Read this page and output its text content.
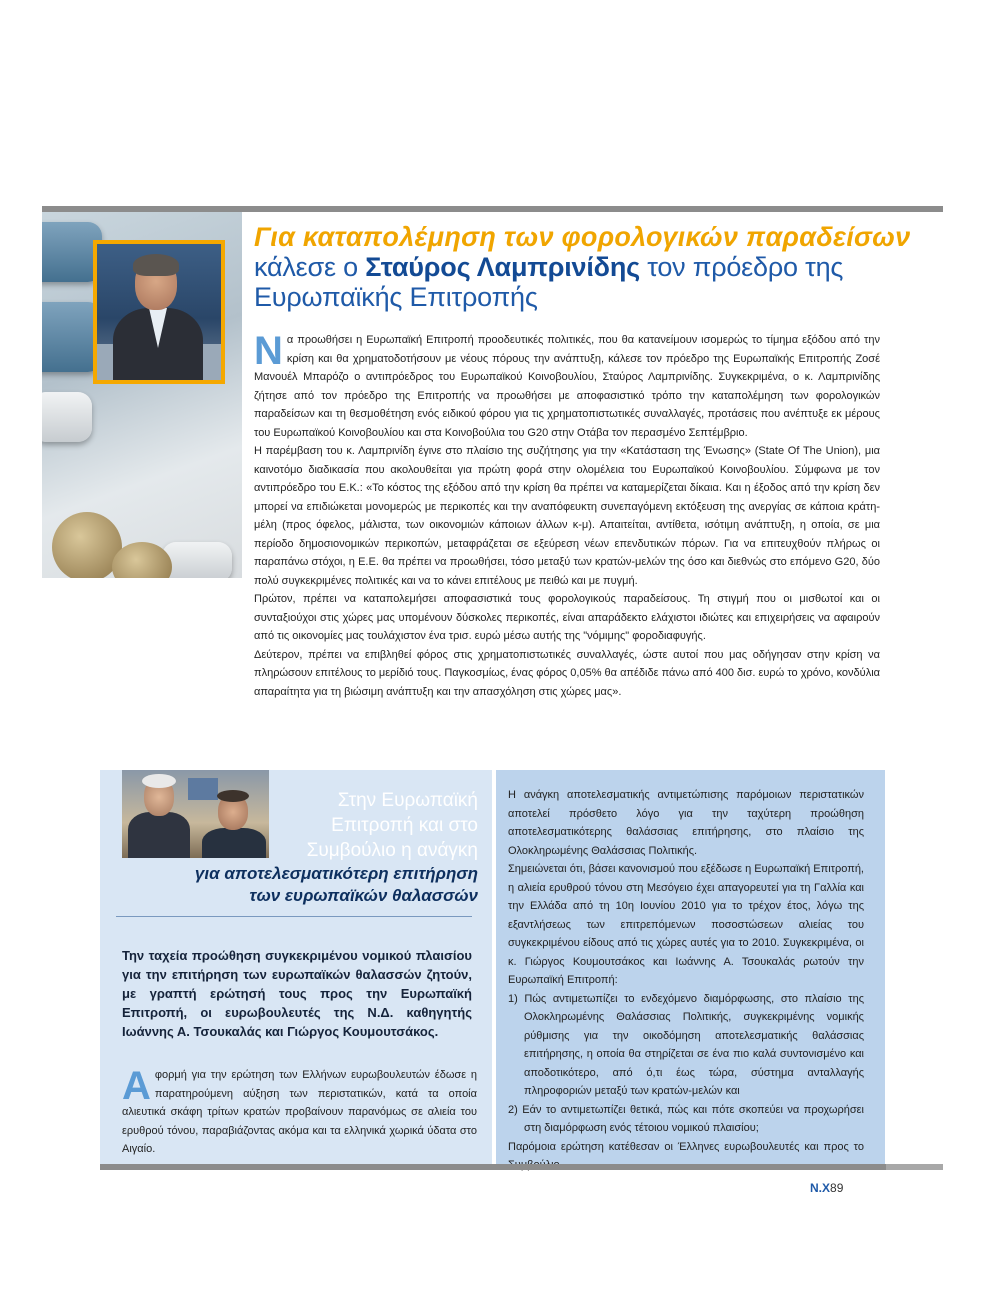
Για καταπολέμηση των φορολογικών παραδείσων κάλεσε ο Σταύρος Λαμπρινίδης τον πρόεδρο της Ευρωπαϊκής Επιτροπής

Να προωθήσει η Ευρωπαϊκή Επιτροπή προοδευτικές πολιτικές, που θα κατανείμουν ισομερώς το τίμημα εξόδου από την κρίση και θα χρηματοδοτήσουν με νέους πόρους την ανάπτυξη, κάλεσε τον πρόεδρο της Ευρωπαϊκής Επιτροπής Ζοσέ Μανουέλ Μπαρόζο ο αντιπρόεδρος του Ευρωπαϊκού Κοινοβουλίου, Σταύρος Λαμπρινίδης. Συγκεκριμένα, ο κ. Λαμπρινίδης ζήτησε από τον πρόεδρο της Επιτροπής να προωθήσει με αποφασιστικό τρόπο την καταπολέμηση των φορολογικών παραδείσων και τη θεσμοθέτηση ενός ειδικού φόρου για τις χρηματοπιστωτικές συναλλαγές, προτάσεις που ανέπτυξε εκ μέρους του Ευρωπαϊκού Κοινοβουλίου και στα Κοινοβούλια του G20 στην Οτάβα τον περασμένο Σεπτέμβριο.

Η παρέμβαση του κ. Λαμπρινίδη έγινε στο πλαίσιο της συζήτησης για την «Κατάσταση της Ένωσης» (State Of The Union), μια καινοτόμο διαδικασία που ακολουθείται για πρώτη φορά στην ολομέλεια του Ευρωπαϊκού Κοινοβουλίου. Σύμφωνα με τον αντιπρόεδρο του Ε.Κ.: «Το κόστος της εξόδου από την κρίση θα πρέπει να καταμερίζεται δίκαια. Και η έξοδος από την κρίση δεν μπορεί να επιδιώκεται μονομερώς με περικοπές και την αναπόφευκτη συνεπαγόμενη εκτόξευση της ανεργίας σε κάποια κράτη-μέλη (προς όφελος, μάλιστα, των οικονομιών κάποιων άλλων κ-μ). Απαιτείται, αντίθετα, ισότιμη ανάπτυξη, η οποία, σε μια περίοδο δημοσιονομικών περικοπών, μεταφράζεται σε εξεύρεση νέων επενδυτικών πόρων. Για να επιτευχθούν πλήρως οι παραπάνω στόχοι, η Ε.Ε. θα πρέπει να προωθήσει, τόσο μεταξύ των κρατών-μελών της όσο και διεθνώς στο επόμενο G20, δύο πολύ συγκεκριμένες πολιτικές και να το κάνει επιτέλους με πειθώ και με πυγμή.

Πρώτον, πρέπει να καταπολεμήσει αποφασιστικά τους φορολογικούς παραδείσους. Τη στιγμή που οι μισθωτοί και οι συνταξιούχοι στις χώρες μας υπομένουν δύσκολες περικοπές, είναι απαράδεκτο ελάχιστοι ιδιώτες και επιχειρήσεις να αφαιρούν από τις οικονομίες μας τουλάχιστον ένα τρισ. ευρώ μέσω αυτής της "νόμιμης" φοροδιαφυγής.

Δεύτερον, πρέπει να επιβληθεί φόρος στις χρηματοπιστωτικές συναλλαγές, ώστε αυτοί που μας οδήγησαν στην κρίση να πληρώσουν επιτέλους το μερίδιό τους. Παγκοσμίως, ένας φόρος 0,05% θα απέδιδε πάνω από 400 δισ. ευρώ το χρόνο, κονδύλια απαραίτητα για τη βιώσιμη ανάπτυξη και την απασχόληση στις χώρες μας».

Στην Ευρωπαϊκή
Επιτροπή και στο
Συμβούλιο η ανάγκη
για αποτελεσματικότερη επιτήρηση
των ευρωπαϊκών θαλασσών

Την ταχεία προώθηση συγκεκριμένου νομικού πλαισίου για την επιτήρηση των ευρωπαϊκών θαλασσών ζητούν, με γραπτή ερώτησή τους προς την Ευρωπαϊκή Επιτροπή, οι ευρωβουλευτές της Ν.Δ. καθηγητής Ιωάννης Α. Τσουκαλάς και Γιώργος Κουμουτσάκος.

Αφορμή για την ερώτηση των Ελλήνων ευρωβουλευτών έδωσε η παρατηρούμενη αύξηση των περιστατικών, κατά τα οποία αλιευτικά σκάφη τρίτων κρατών προβαίνουν παρανόμως σε αλιεία του ερυθρού τόνου, παραβιάζοντας ακόμα και τα ελληνικά χωρικά ύδατα στο Αιγαίο.

Η ανάγκη αποτελεσματικής αντιμετώπισης παρόμοιων περιστατικών αποτελεί πρόσθετο λόγο για την ταχύτερη προώθηση αποτελεσματικότερης θαλάσσιας επιτήρησης, στο πλαίσιο της Ολοκληρωμένης Θαλάσσιας Πολιτικής.

Σημειώνεται ότι, βάσει κανονισμού που εξέδωσε η Ευρωπαϊκή Επιτροπή, η αλιεία ερυθρού τόνου στη Μεσόγειο έχει απαγορευτεί για τη Γαλλία και την Ελλάδα από τη 10η Ιουνίου 2010 για το τρέχον έτος, λόγω της εξαντλήσεως των επιτρεπόμενων ποσοστώσεων αλιείας του συγκεκριμένου είδους από τις χώρες αυτές για το 2010. Συγκεκριμένα, οι κ. Γιώργος Κουμουτσάκος και Ιωάννης Α. Τσουκαλάς ρωτούν την Ευρωπαϊκή Επιτροπή:

1) Πώς αντιμετωπίζει το ενδεχόμενο διαμόρφωσης, στο πλαίσιο της Ολοκληρωμένης Θαλάσσιας Πολιτικής, συγκεκριμένης νομικής ρύθμισης για την οικοδόμηση αποτελεσματικής θαλάσσιας επιτήρησης, η οποία θα στηρίζεται σε ένα πιο καλά συντονισμένο και αποδοτικότερο, από ό,τι έως τώρα, σύστημα ανταλλαγής πληροφοριών μεταξύ των κρατών-μελών και
2) Εάν το αντιμετωπίζει θετικά, πώς και πότε σκοπεύει να προχωρήσει στη διαμόρφωση ενός τέτοιου νομικού πλαισίου;

Παρόμοια ερώτηση κατέθεσαν οι Έλληνες ευρωβουλευτές και προς το

Ν.Χ89
